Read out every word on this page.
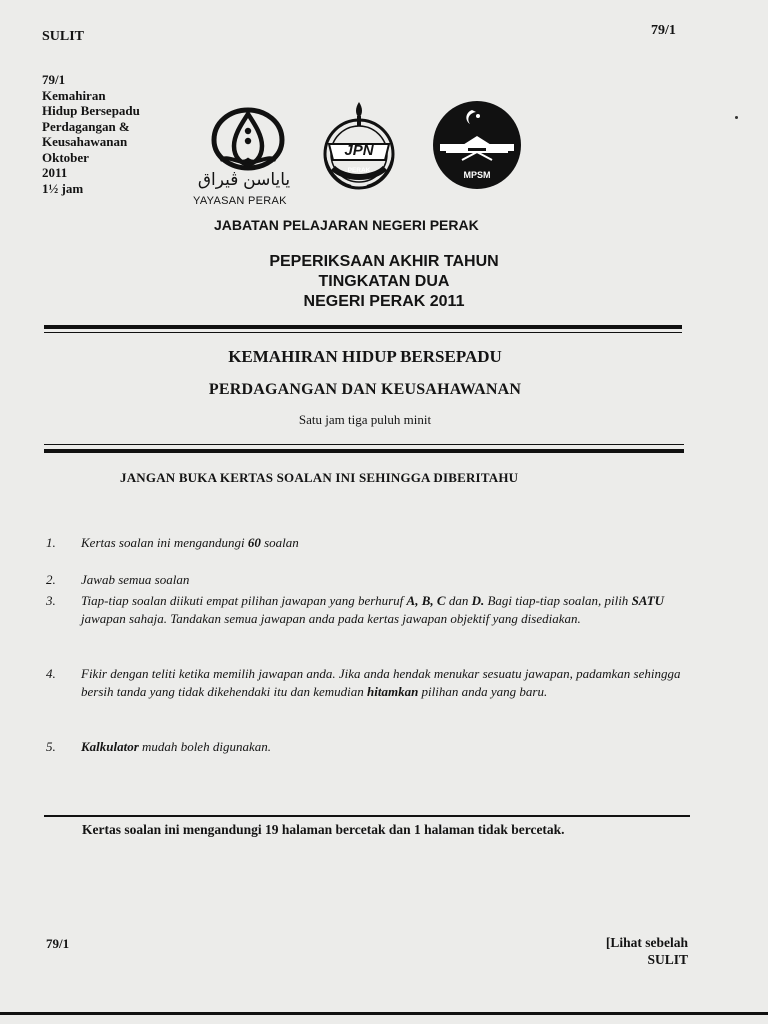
SULIT	79/1
79/1
Kemahiran
Hidup Bersepadu
Perdagangan &
Keusahawanan
Oktober
2011
1½ jam	ياياسن ڤيراق
YAYASAN PERAK
JPN
PERAK	MPSM
JABATAN PELAJARAN NEGERI PERAK
PEPERIKSAAN AKHIR TAHUN
TINGKATAN DUA
NEGERI PERAK 2011
KEMAHIRAN HIDUP BERSEPADU
PERDAGANGAN DAN KEUSAHAWANAN
Satu jam tiga puluh minit
JANGAN BUKA KERTAS SOALAN INI SEHINGGA DIBERITAHU
1. Kertas soalan ini mengandungi 60 soalan
2. Jawab semua soalan
3. Tiap-tiap soalan diikuti empat pilihan jawapan yang berhuruf A, B, C dan D. Bagi tiap-tiap soalan, pilih SATU jawapan sahaja. Tandakan semua jawapan anda pada kertas jawapan objektif yang disediakan.
4. Fikir dengan teliti ketika memilih jawapan anda. Jika anda hendak menukar sesuatu jawapan, padamkan sehingga bersih tanda yang tidak dikehendaki itu dan kemudian hitamkan pilihan anda yang baru.
5. Kalkulator mudah boleh digunakan.
Kertas soalan ini mengandungi 19 halaman bercetak dan 1 halaman tidak bercetak.
79/1	[Lihat sebelah
SULIT
